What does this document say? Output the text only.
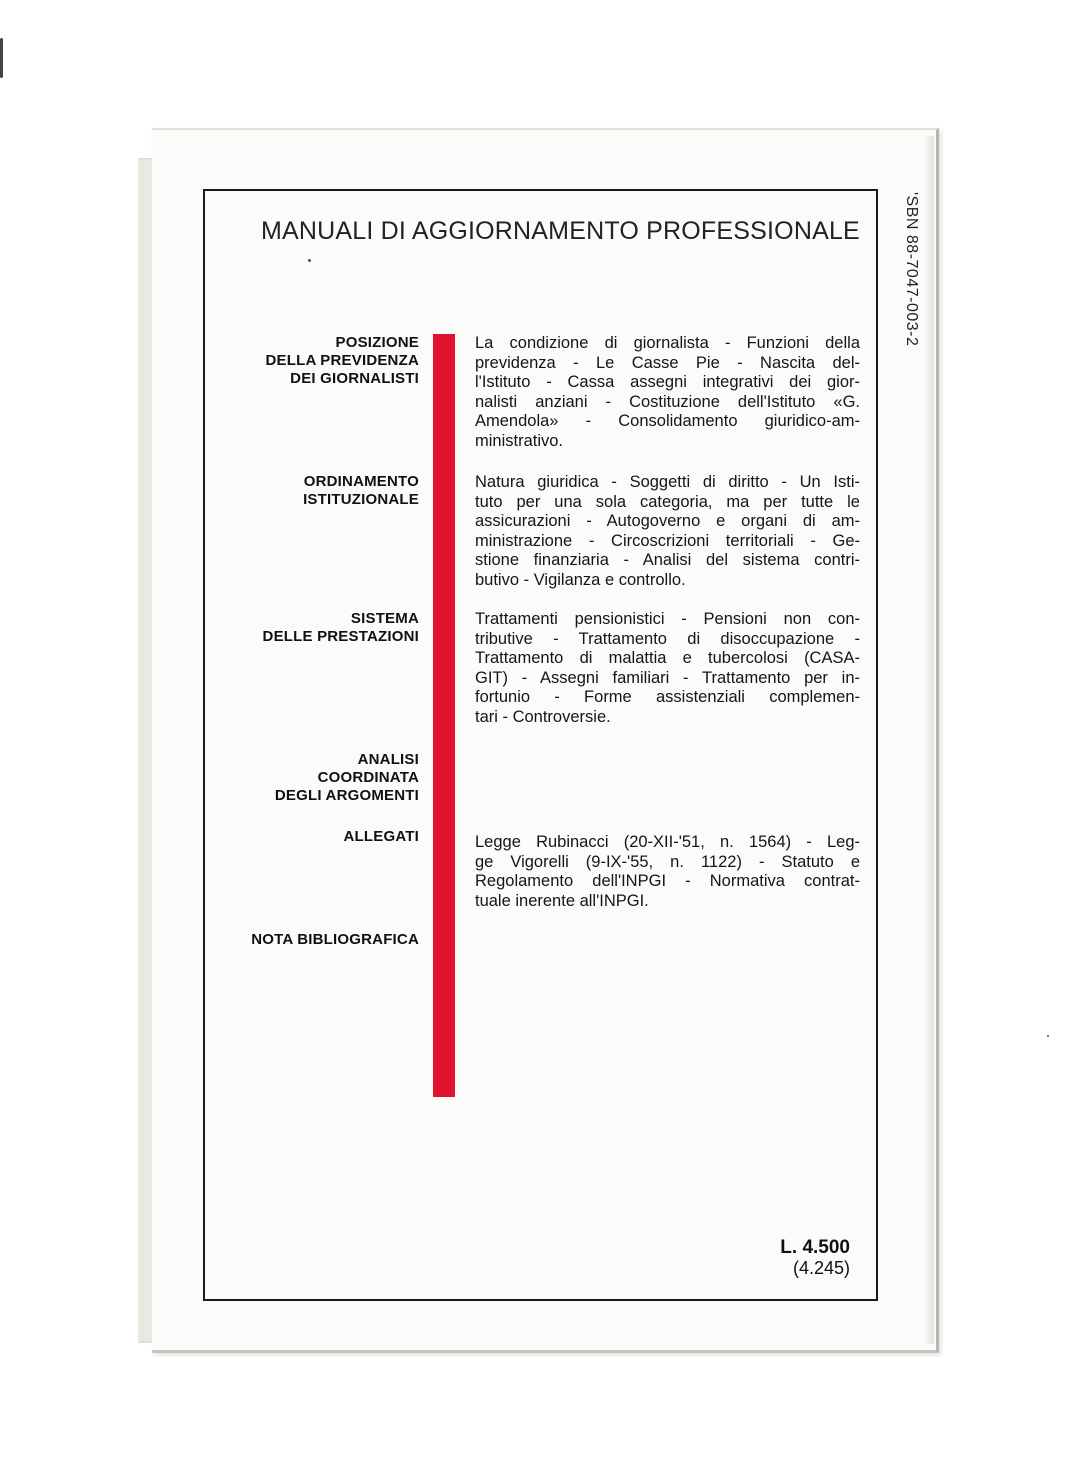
'SBN 88-7047-003-2
MANUALI DI AGGIORNAMENTO PROFESSIONALE
POSIZIONE
DELLA PREVIDENZA
DEI GIORNALISTI
La condizione di giornalista - Funzioni della
previdenza - Le Casse Pie - Nascita del-
l'Istituto - Cassa assegni integrativi dei gior-
nalisti anziani - Costituzione dell'Istituto «G.
Amendola» - Consolidamento giuridico-am-
ministrativo.
ORDINAMENTO
ISTITUZIONALE
Natura giuridica - Soggetti di diritto - Un Isti-
tuto per una sola categoria, ma per tutte le
assicurazioni - Autogoverno e organi di am-
ministrazione - Circoscrizioni territoriali - Ge-
stione finanziaria - Analisi del sistema contri-
butivo - Vigilanza e controllo.
SISTEMA
DELLE PRESTAZIONI
Trattamenti pensionistici - Pensioni non con-
tributive - Trattamento di disoccupazione -
Trattamento di malattia e tubercolosi (CASA-
GIT) - Assegni familiari - Trattamento per in-
fortunio - Forme assistenziali complemen-
tari - Controversie.
ANALISI
COORDINATA
DEGLI ARGOMENTI
ALLEGATI	Legge Rubinacci (20-XII-'51, n. 1564) - Leg-
ge Vigorelli (9-IX-'55, n. 1122) - Statuto e
Regolamento dell'INPGI - Normativa contrat-
tuale inerente all'INPGI.
NOTA BIBLIOGRAFICA
L. 4.500
(4.245)
